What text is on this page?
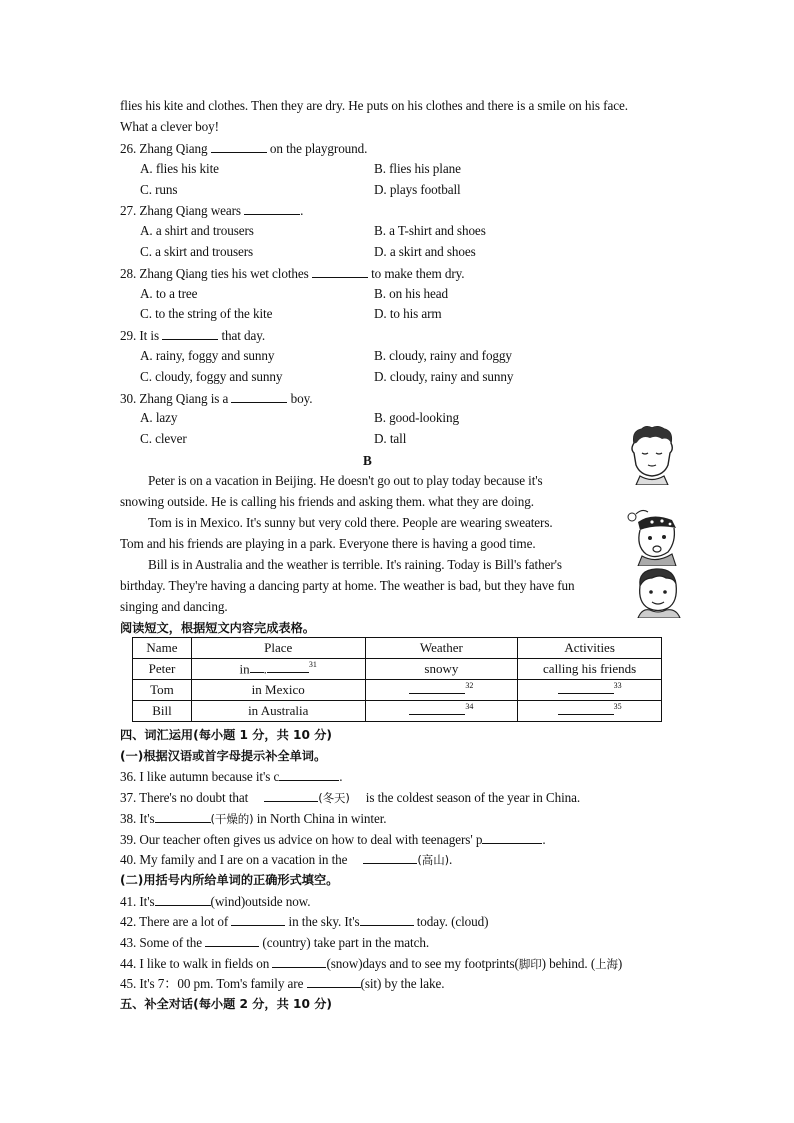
flies his kite and clothes. Then they are dry. He puts on his clothes and there is a smile on his face.
What a clever boy!
26. Zhang Qiang	on the playground.
A. flies his kite	B. flies his plane
C. runs	D. plays football
27. Zhang Qiang wears	.
A. a shirt and trousers	B. a T-shirt and shoes
C. a skirt and trousers	D. a skirt and shoes
28. Zhang Qiang ties his wet clothes	to make them dry.
A. to a tree	B. on his head
C. to the string of the kite	D. to his arm
29. It is	that day.
A. rainy, foggy and sunny	B. cloudy, rainy and foggy
C. cloudy, foggy and sunny	D. cloudy, rainy and sunny
30. Zhang Qiang is a	boy.
A. lazy	B. good-looking
C. clever	D. tall
B
Peter is on a vacation in Beijing. He doesn't go out to play today because it's
snowing outside. He is calling his friends and asking them. what they are doing.
Tom is in Mexico. It's sunny but very cold there. People are wearing sweaters.
Tom and his friends are playing in a park. Everyone there is having a good time.
Bill is in Australia and the weather is terrible. It's raining. Today is Bill's father's
birthday. They're having a dancing party at home. The weather is bad, but they have fun
singing and dancing.
阅读短文，根据短文内容完成表格。
Name	Place	Weather	Activities
Peter	in . $^{31}$	snowy	calling his friends
Tom	in Mexico	$^{32}$	$^{33}$
Bill	in Australia	$^{34}$	$^{35}$
四、词汇运用(每小题 1 分，共 10 分)
(一)根据汉语或首字母提示补全单词。
36. I like autumn because it's c	.
37. There's no doubt that	(冬天) is the coldest season of the year in China.
38. It's	(干燥的) in North China in winter.
39. Our teacher often gives us advice on how to deal with teenagers' p	.
40. My family and I are on a vacation in the	(高山).
(二)用括号内所给单词的正确形式填空。
41. It's	(wind)outside now.
42. There are a lot of	in the sky. It's	today. (cloud)
43. Some of the	(country) take part in the match.
44. I like to walk in fields on	(snow)days and to see my footprints(脚印) behind. (上海)
45. It's 7：00 pm. Tom's family are	(sit) by the lake.
五、补全对话(每小题 2 分，共 10 分)
